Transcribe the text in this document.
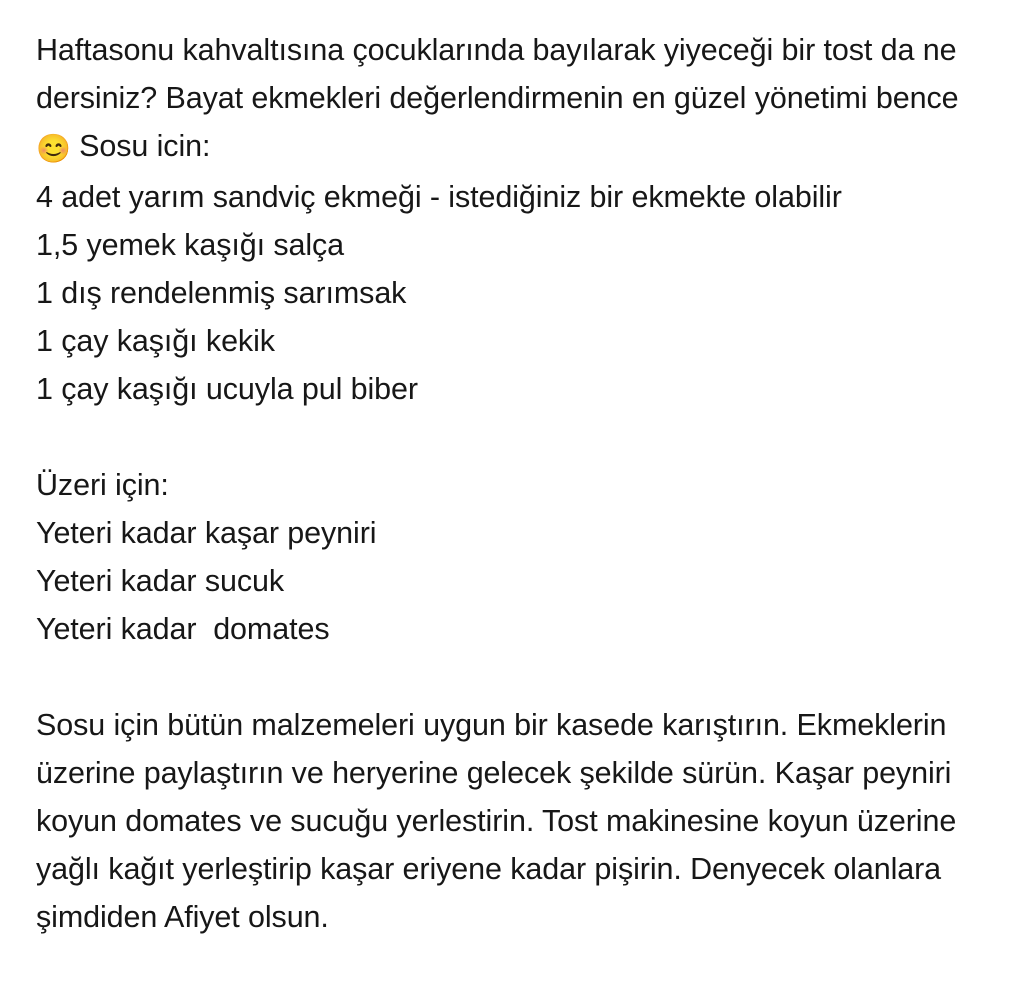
Haftasonu kahvaltısına çocuklarında bayılarak yiyeceği bir tost da ne dersiniz? Bayat ekmekleri değerlendirmenin en güzel yönetimi bence 😊 Sosu icin:

4 adet yarım sandviç ekmeği - istediğiniz bir ekmekte olabilir

1,5 yemek kaşığı salça

1 dış rendelenmiş sarımsak

1 çay kaşığı kekik

1 çay kaşığı ucuyla pul biber

Üzeri için:

Yeteri kadar kaşar peyniri

Yeteri kadar sucuk

Yeteri kadar  domates

Sosu için bütün malzemeleri uygun bir kasede karıştırın. Ekmeklerin üzerine paylaştırın ve heryerine gelecek şekilde sürün. Kaşar peyniri koyun domates ve sucuğu yerlestirin. Tost makinesine koyun üzerine yağlı kağıt yerleştirip kaşar eriyene kadar pişirin. Denyecek olanlara şimdiden Afiyet olsun.
